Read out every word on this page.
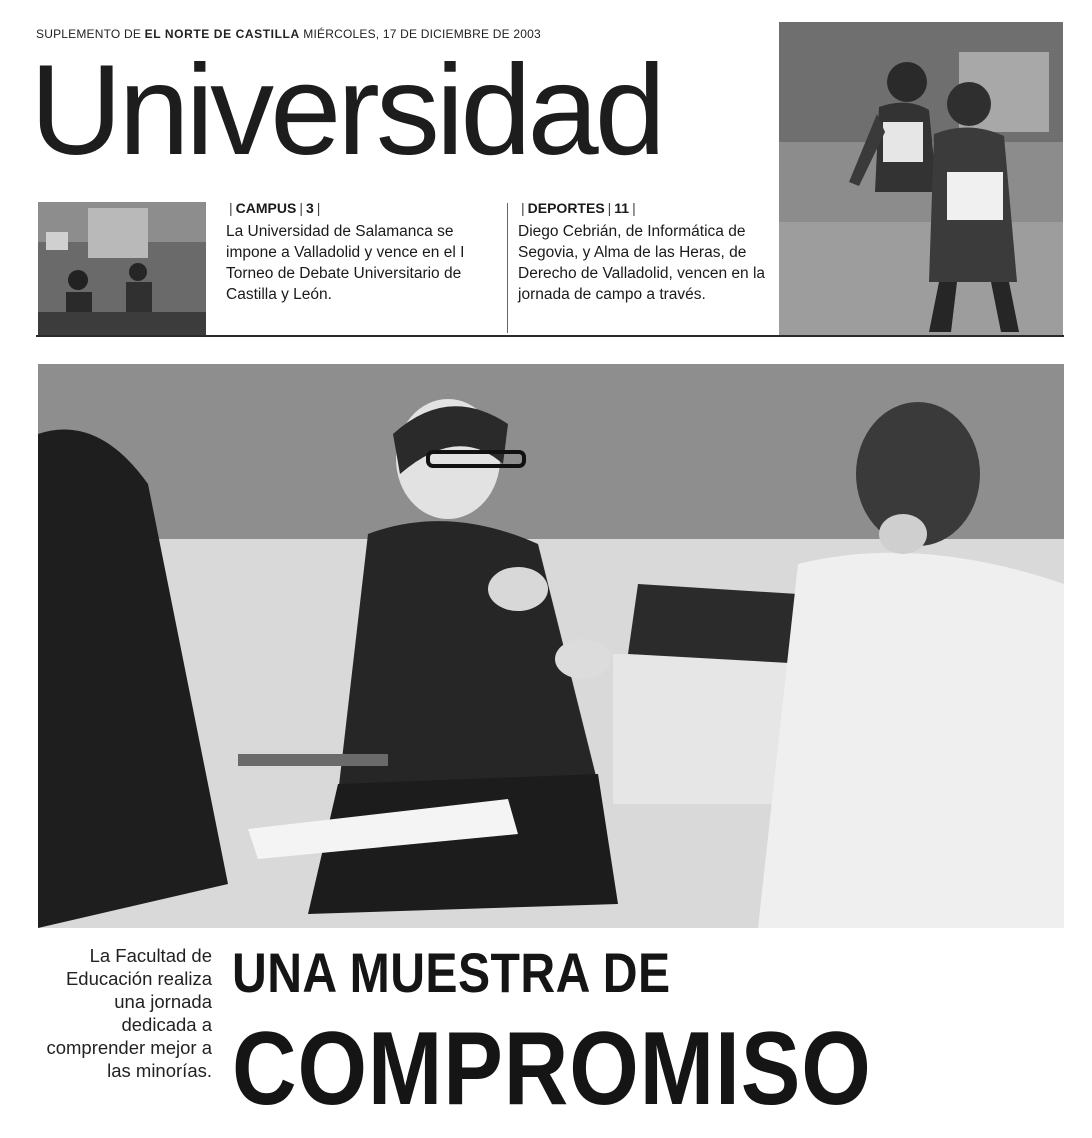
SUPLEMENTO DE EL NORTE DE CASTILLA MIÉRCOLES, 17 DE DICIEMBRE DE 2003
Universidad
| CAMPUS | 3 |
La Universidad de Salamanca se impone a Valladolid y vence en el I Torneo de Debate Universitario de Castilla y León.
| DEPORTES | 11 |
Diego Cebrián, de Informática de Segovia, y Alma de las Heras, de Derecho de Valladolid, vencen en la jornada de campo a través.
La Facultad de Educación realiza una jornada dedicada a comprender mejor a las minorías.
UNA MUESTRA DE
COMPROMISO
